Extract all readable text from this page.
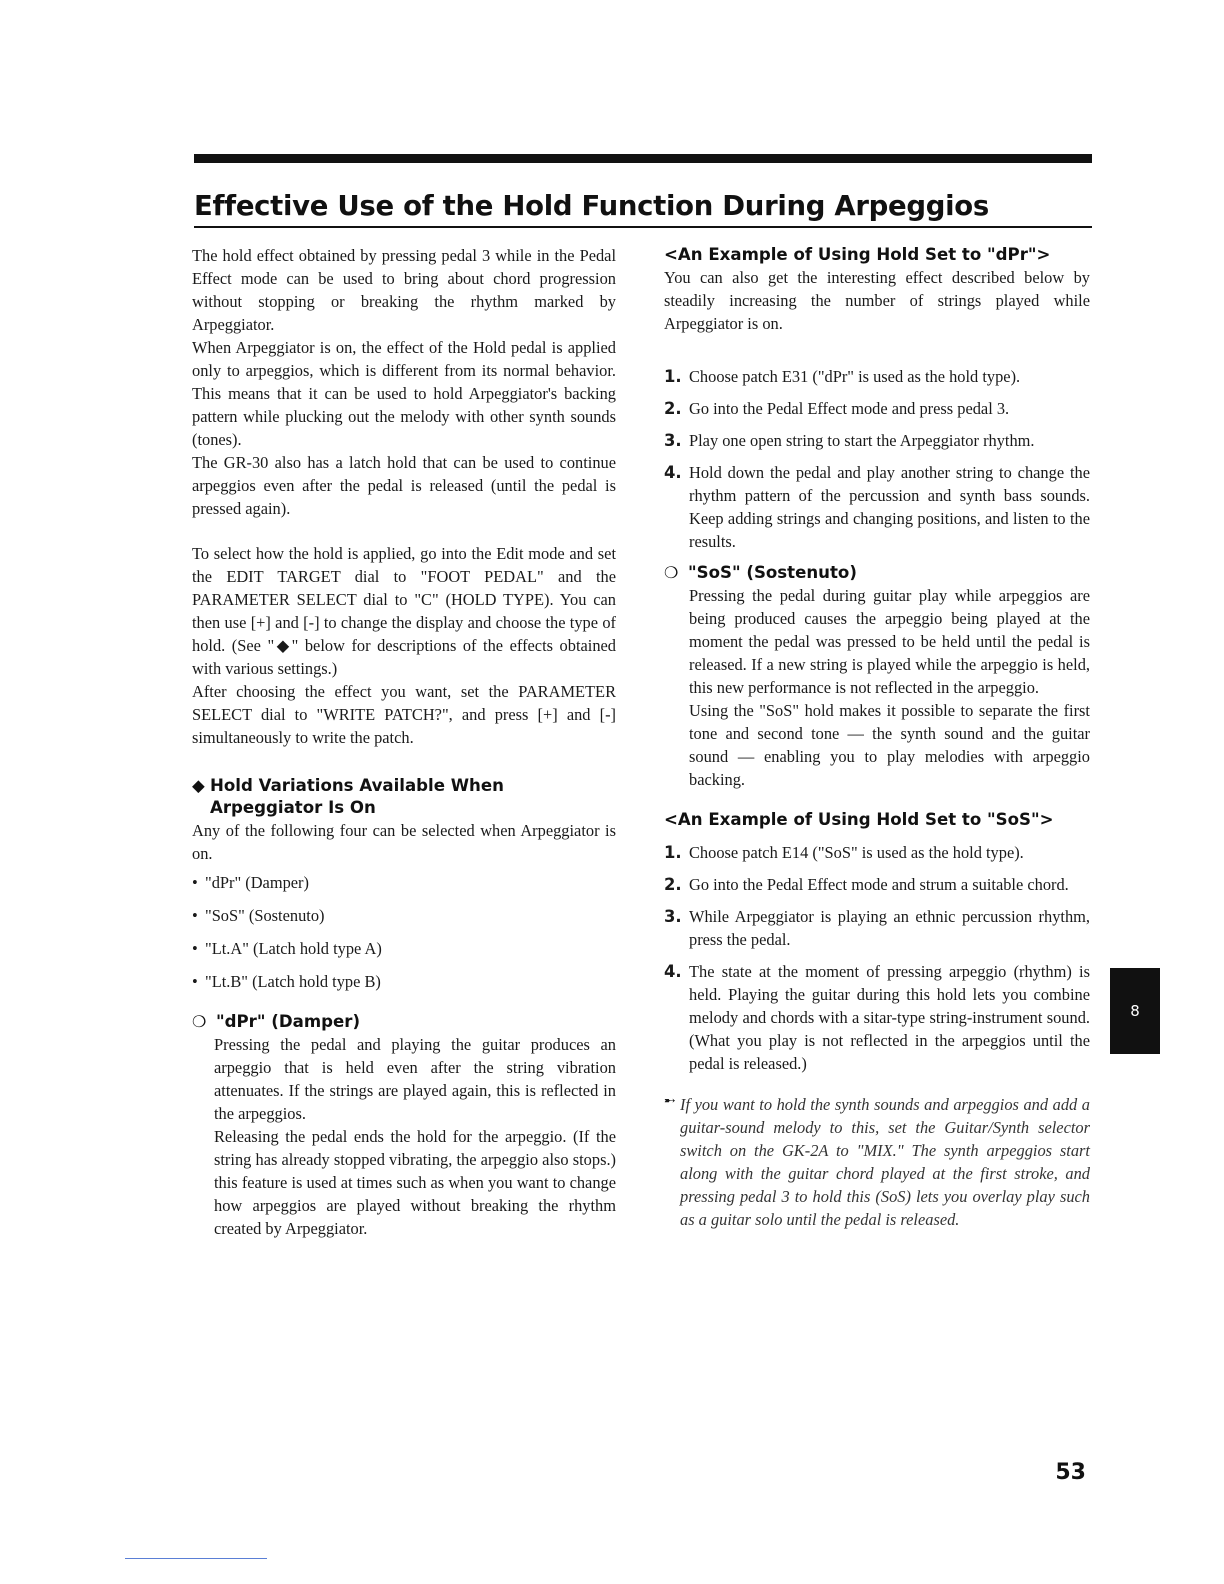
Effective Use of the Hold Function During Arpeggios

The hold effect obtained by pressing pedal 3 while in the Pedal Effect mode can be used to bring about chord progression without stopping or breaking the rhythm marked by Arpeggiator.

When Arpeggiator is on, the effect of the Hold pedal is applied only to arpeggios, which is different from its normal behavior. This means that it can be used to hold Arpeggiator's backing pattern while plucking out the melody with other synth sounds (tones).

The GR-30 also has a latch hold that can be used to continue arpeggios even after the pedal is released (until the pedal is pressed again).

To select how the hold is applied, go into the Edit mode and set the EDIT TARGET dial to "FOOT PEDAL" and the PARAMETER SELECT dial to "C" (HOLD TYPE). You can then use [+] and [-] to change the display and choose the type of hold. (See "◆" below for descriptions of the effects obtained with various settings.)

After choosing the effect you want, set the PARAMETER SELECT dial to "WRITE PATCH?", and press [+] and [-] simultaneously to write the patch.

◆ Hold Variations Available When Arpeggiator Is On

Any of the following four can be selected when Arpeggiator is on.

• "dPr" (Damper)
• "SoS" (Sostenuto)
• "Lt.A" (Latch hold type A)
• "Lt.B" (Latch hold type B)
❍ "dPr" (Damper)

Pressing the pedal and playing the guitar produces an arpeggio that is held even after the string vibration attenuates. If the strings are played again, this is reflected in the arpeggios.

Releasing the pedal ends the hold for the arpeggio. (If the string has already stopped vibrating, the arpeggio also stops.) this feature is used at times such as when you want to change how arpeggios are played without breaking the rhythm created by Arpeggiator.

<An Example of Using Hold Set to "dPr">

You can also get the interesting effect described below by steadily increasing the number of strings played while Arpeggiator is on.

1. Choose patch E31 ("dPr" is used as the hold type).
2. Go into the Pedal Effect mode and press pedal 3.
3. Play one open string to start the Arpeggiator rhythm.
4. Hold down the pedal and play another string to change the rhythm pattern of the percussion and synth bass sounds. Keep adding strings and changing positions, and listen to the results.
❍ "SoS" (Sostenuto)

Pressing the pedal during guitar play while arpeggios are being produced causes the arpeggio being played at the moment the pedal was pressed to be held until the pedal is released. If a new string is played while the arpeggio is held, this new performance is not reflected in the arpeggio.

Using the "SoS" hold makes it possible to separate the first tone and second tone — the synth sound and the guitar sound — enabling you to play melodies with arpeggio backing.

<An Example of Using Hold Set to "SoS">
1. Choose patch E14 ("SoS" is used as the hold type).
2. Go into the Pedal Effect mode and strum a suitable chord.
3. While Arpeggiator is playing an ethnic percussion rhythm, press the pedal.
4. The state at the moment of pressing arpeggio (rhythm) is held. Playing the guitar during this hold lets you combine melody and chords with a sitar-type string-instrument sound. (What you play is not reflected in the arpeggios until the pedal is released.)
➸ If you want to hold the synth sounds and arpeggios and add a guitar-sound melody to this, set the Guitar/Synth selector switch on the GK-2A to "MIX." The synth arpeggios start along with the guitar chord played at the first stroke, and pressing pedal 3 to hold this (SoS) lets you overlay play such as a guitar solo until the pedal is released.

8
53
